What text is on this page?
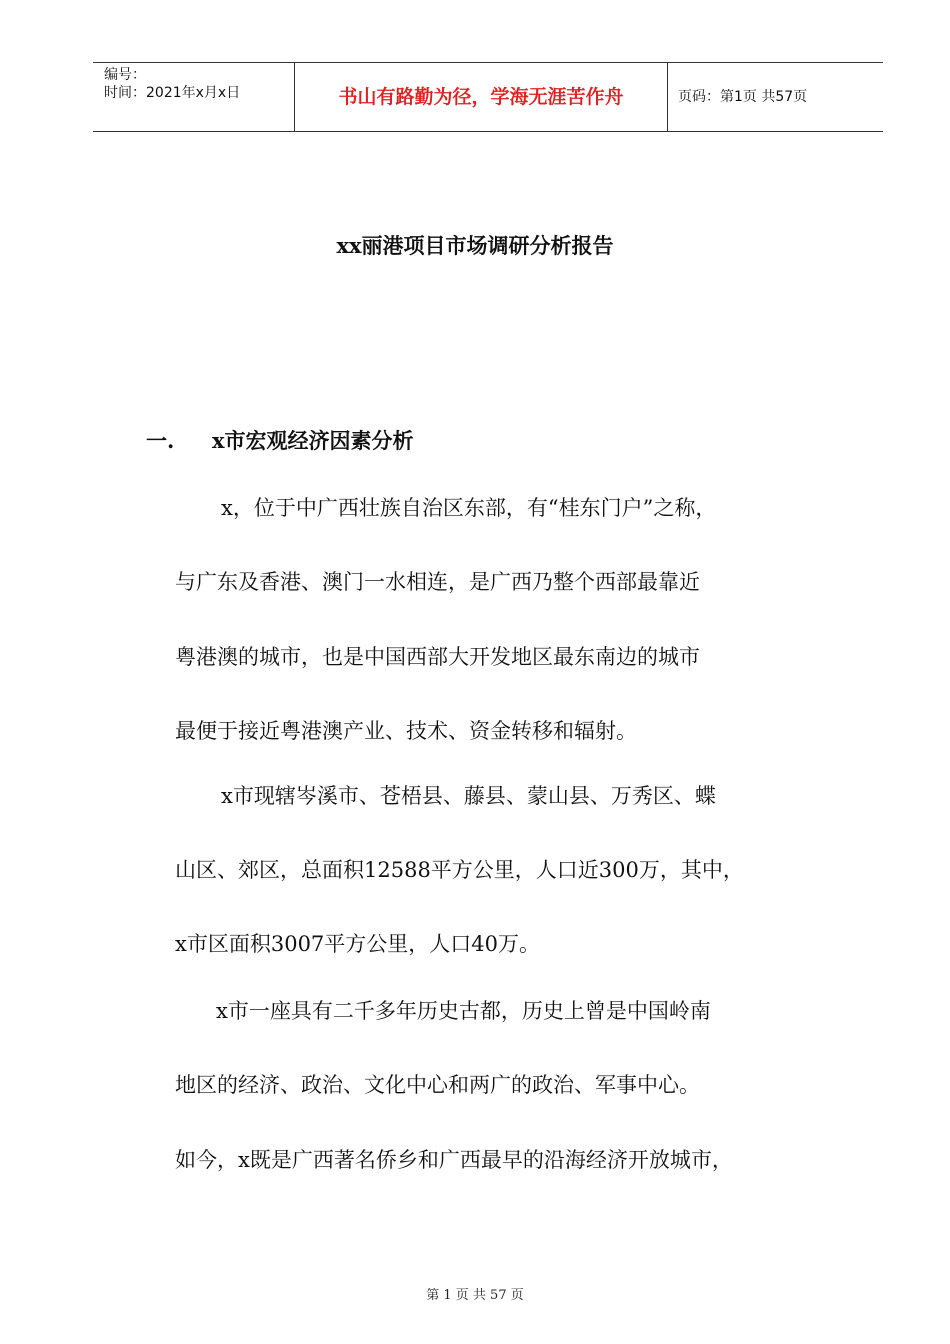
编号：
时间：2021年x月x日	书山有路勤为径，学海无涯苦作舟	页码：第1页 共57页
xx丽港项目市场调研分析报告
一. x市宏观经济因素分析
x，位于中广西壮族自治区东部，有“桂东门户”之称，
与广东及香港、澳门一水相连，是广西乃整个西部最靠近
粤港澳的城市，也是中国西部大开发地区最东南边的城市
最便于接近粤港澳产业、技术、资金转移和辐射。
x市现辖岑溪市、苍梧县、藤县、蒙山县、万秀区、蝶
山区、郊区，总面积12588平方公里，人口近300万，其中，
x市区面积3007平方公里，人口40万。
x市一座具有二千多年历史古都，历史上曾是中国岭南
地区的经济、政治、文化中心和两广的政治、军事中心。
如今，x既是广西著名侨乡和广西最早的沿海经济开放城市，
第 1 页 共 57 页
